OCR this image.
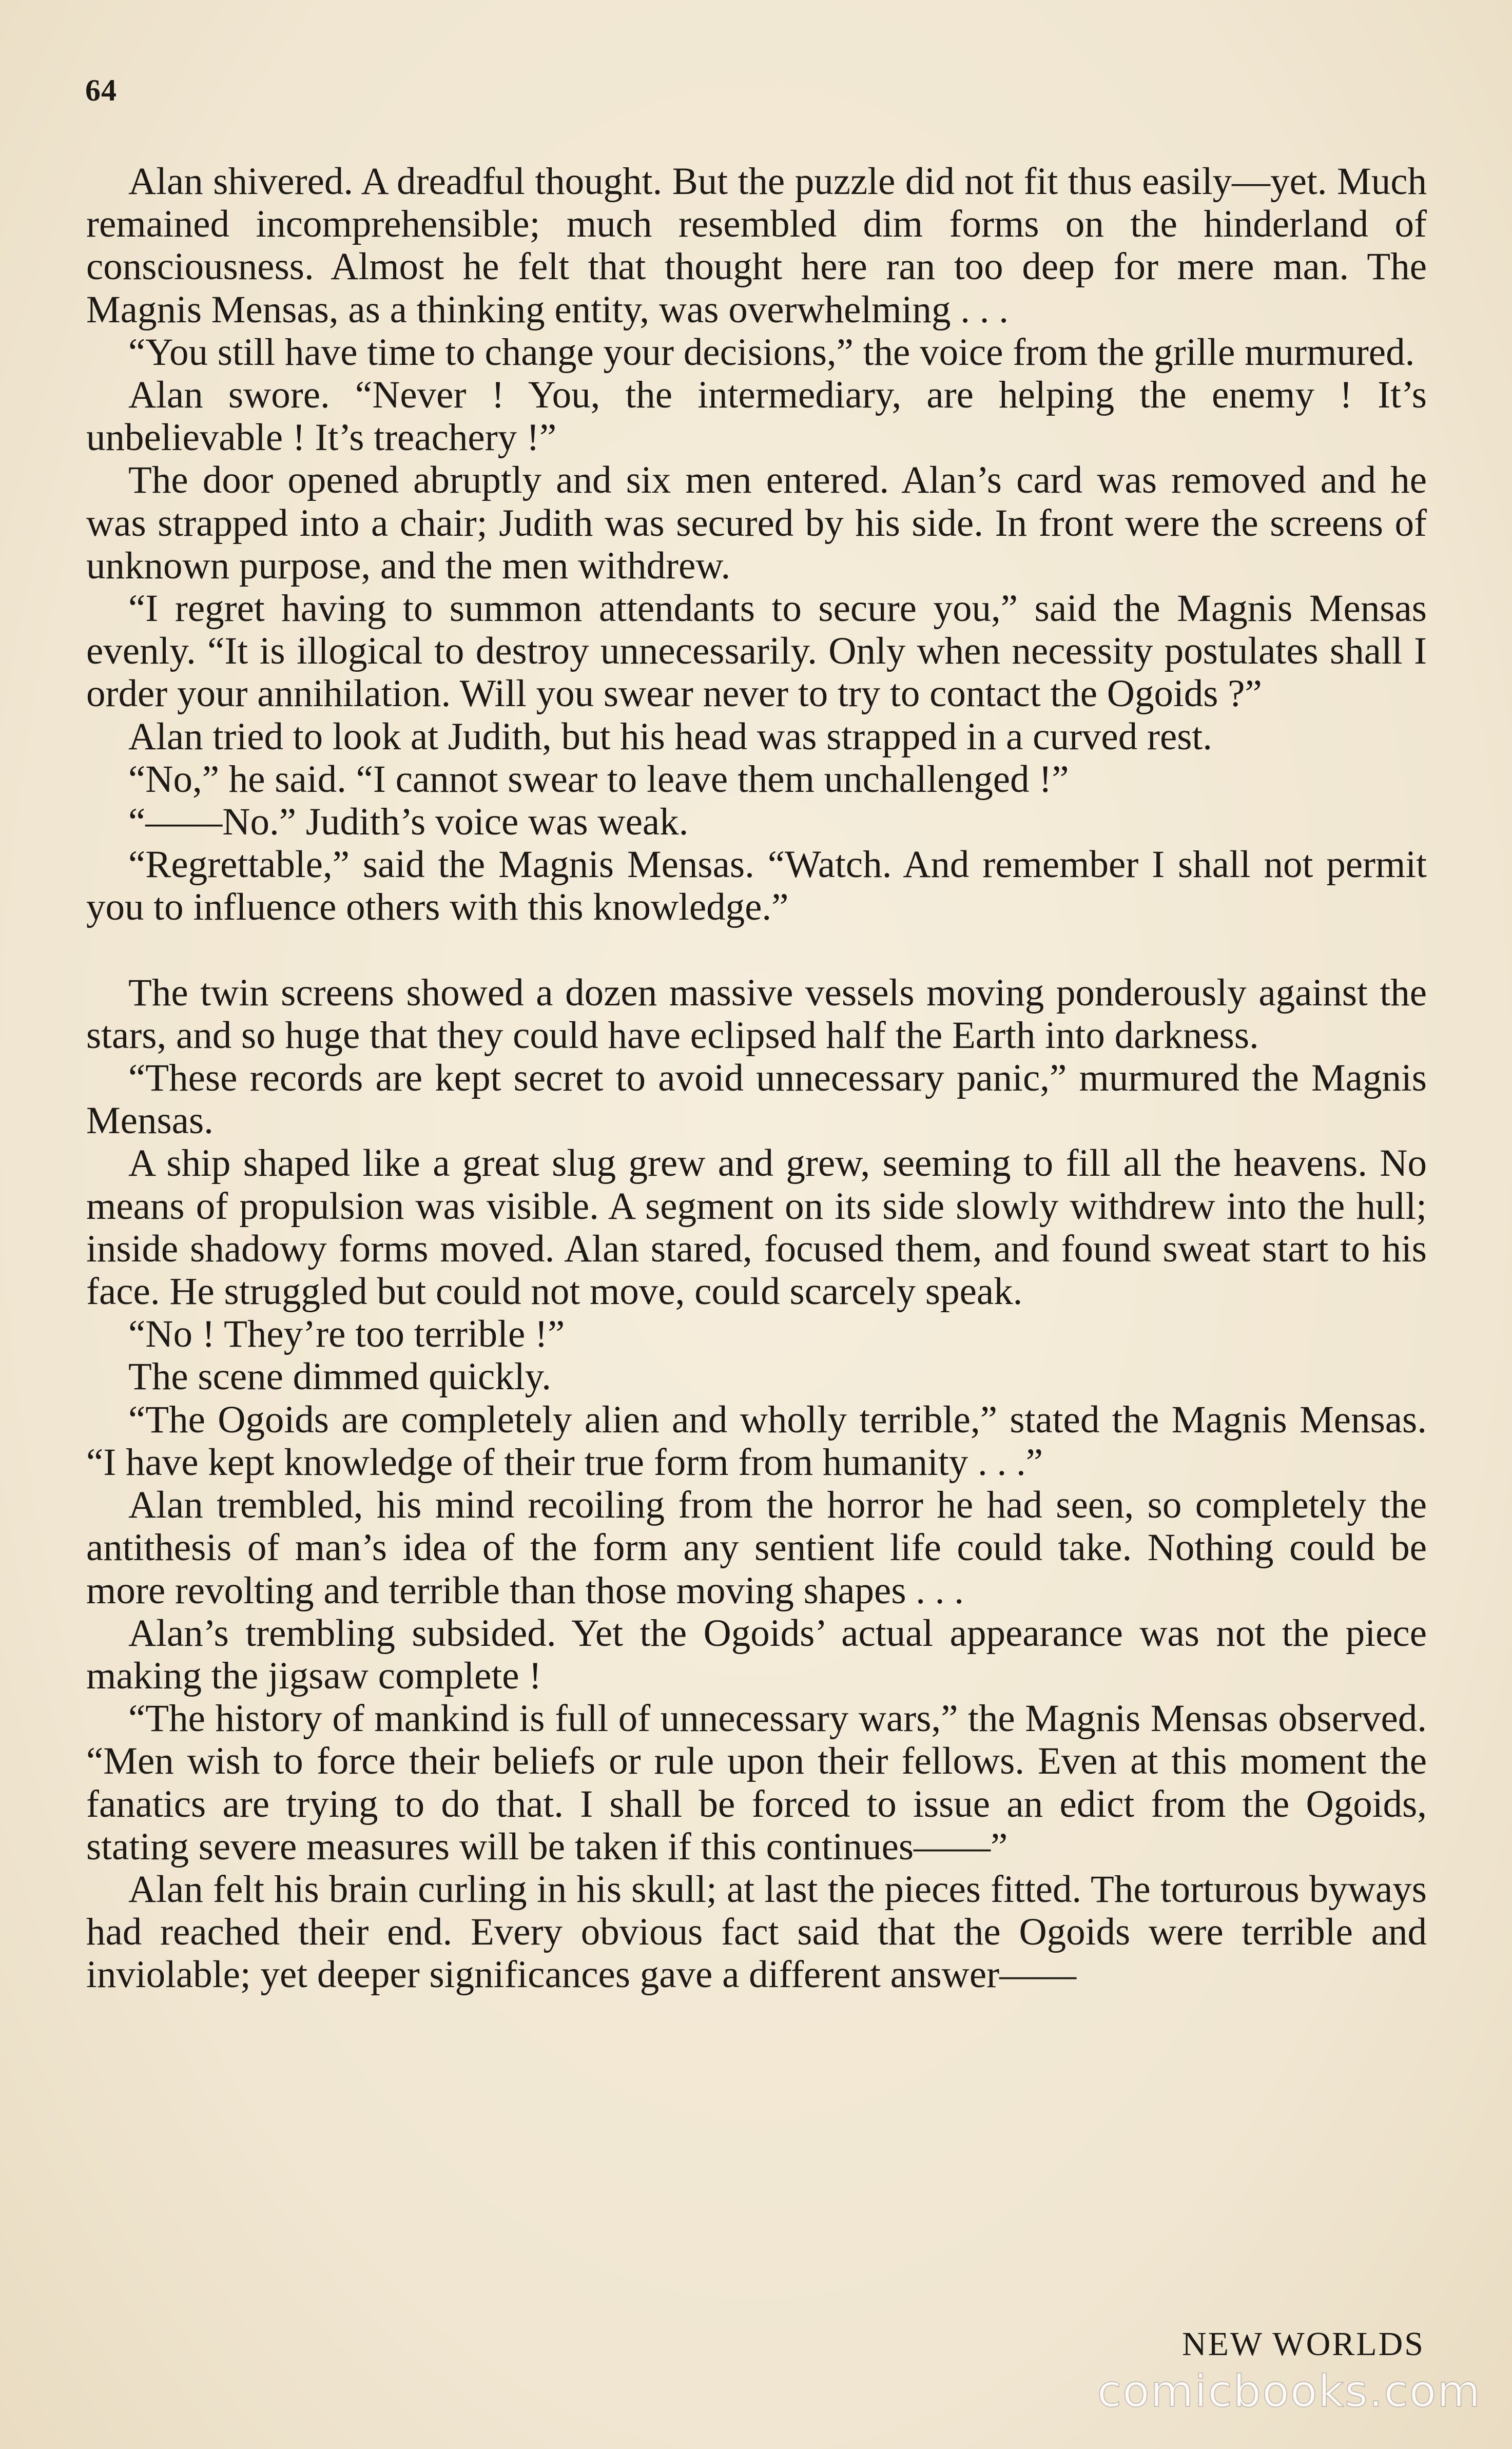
64

Alan shivered. A dreadful thought. But the puzzle did not fit thus easily—yet. Much remained incomprehensible; much resembled dim forms on the hinderland of consciousness. Almost he felt that thought here ran too deep for mere man. The Magnis Mensas, as a thinking entity, was overwhelming . . .

“You still have time to change your decisions,” the voice from the grille murmured.

Alan swore. “Never ! You, the intermediary, are helping the enemy ! It’s unbelievable ! It’s treachery !”

The door opened abruptly and six men entered. Alan’s card was removed and he was strapped into a chair; Judith was secured by his side. In front were the screens of unknown purpose, and the men withdrew.

“I regret having to summon attendants to secure you,” said the Magnis Mensas evenly. “It is illogical to destroy unnecessarily. Only when necessity postulates shall I order your annihilation. Will you swear never to try to contact the Ogoids ?”

Alan tried to look at Judith, but his head was strapped in a curved rest.

“No,” he said. “I cannot swear to leave them unchallenged !”

“——No.” Judith’s voice was weak.

“Regrettable,” said the Magnis Mensas. “Watch. And remember I shall not permit you to influence others with this knowledge.”

The twin screens showed a dozen massive vessels moving ponderously against the stars, and so huge that they could have eclipsed half the Earth into darkness.

“These records are kept secret to avoid unnecessary panic,” murmured the Magnis Mensas.

A ship shaped like a great slug grew and grew, seeming to fill all the heavens. No means of propulsion was visible. A segment on its side slowly withdrew into the hull; inside shadowy forms moved. Alan stared, focused them, and found sweat start to his face. He struggled but could not move, could scarcely speak.

“No ! They’re too terrible !”

The scene dimmed quickly.

“The Ogoids are completely alien and wholly terrible,” stated the Magnis Mensas. “I have kept knowledge of their true form from humanity . . .”

Alan trembled, his mind recoiling from the horror he had seen, so completely the antithesis of man’s idea of the form any sentient life could take. Nothing could be more revolting and terrible than those moving shapes . . .

Alan’s trembling subsided. Yet the Ogoids’ actual appearance was not the piece making the jigsaw complete !

“The history of mankind is full of unnecessary wars,” the Magnis Mensas observed. “Men wish to force their beliefs or rule upon their fellows. Even at this moment the fanatics are trying to do that. I shall be forced to issue an edict from the Ogoids, stating severe measures will be taken if this continues——”

Alan felt his brain curling in his skull; at last the pieces fitted. The torturous byways had reached their end. Every obvious fact said that the Ogoids were terrible and inviolable; yet deeper significances gave a different answer——

NEW WORLDS
comicbooks.com
